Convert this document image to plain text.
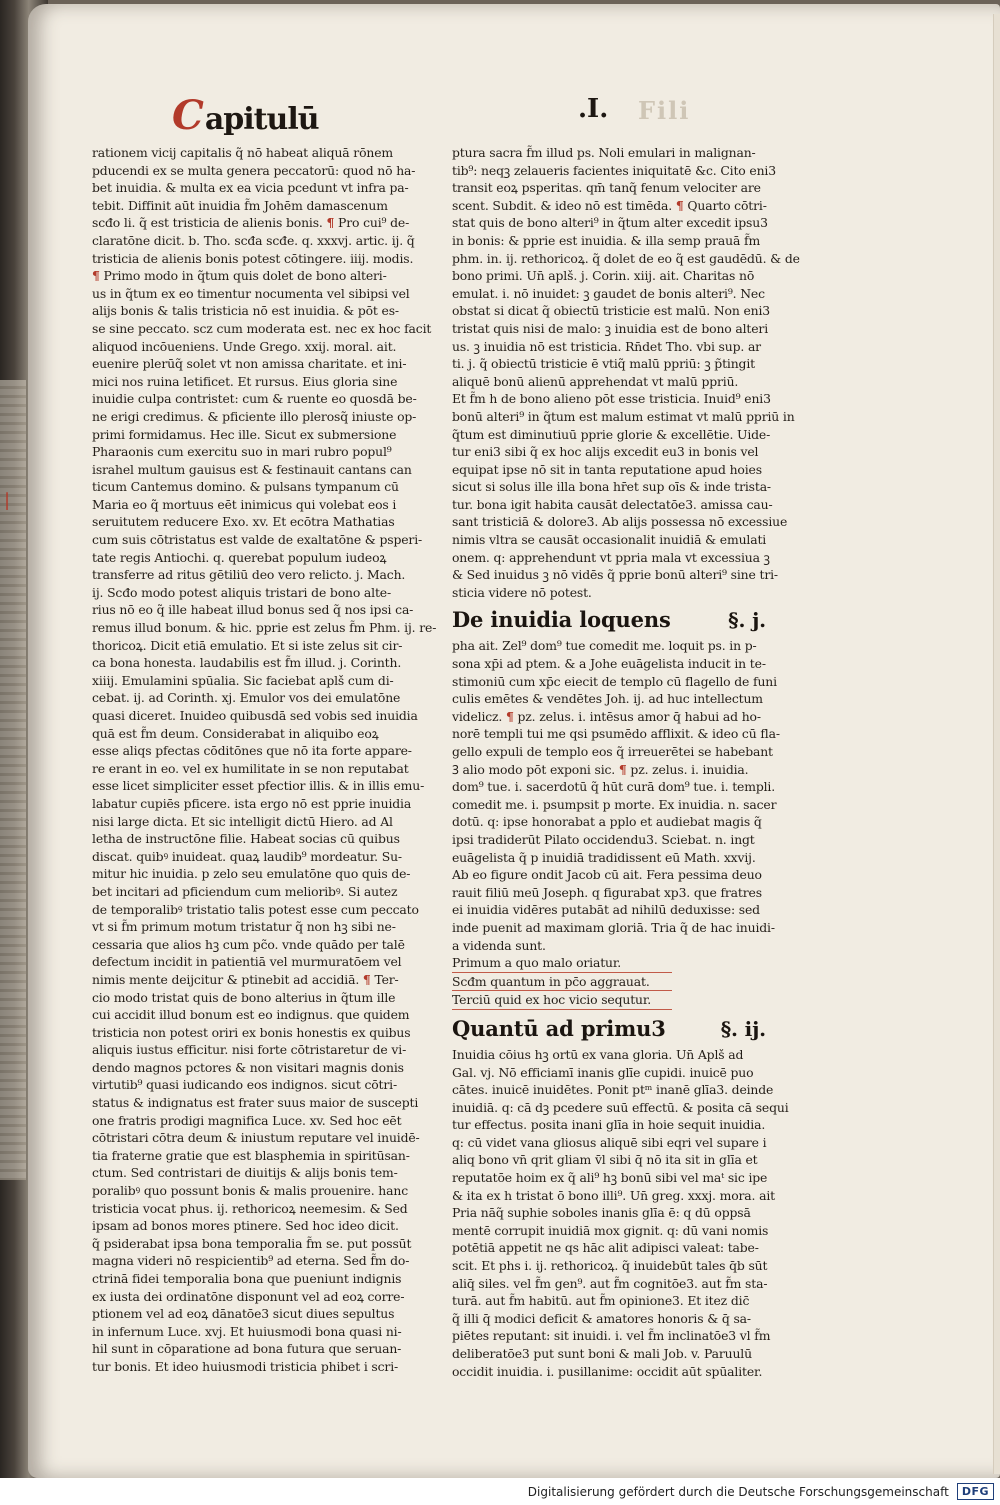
Capitulū	.I. Fili
rationem vicij capitalis q̃ nō habeat aliquā rōnem
pducendi ex se multa genera peccatorū: quod nō ha-
bet inuidia. & multa ex ea vicia pcedunt vt infra pa-
tebit. Diffinit aūt inuidia f̃m Johēm damascenum
scđo li. q̃ est tristicia de alienis bonis. ¶ Pro cui⁹ de-
claratōne dicit. b. Tho. scđa scđe. q. xxxvj. artic. ij. q̃
tristicia de alienis bonis potest cōtingere. iiij. modis.
¶ Primo modo in q̃tum quis dolet de bono alteri-
us in q̃tum ex eo timentur nocumenta vel sibipsi vel
alijs bonis & talis tristicia nō est inuidia. & pōt es-
se sine peccato. scz cum moderata est. nec ex hoc facit
aliquod incōueniens. Unde Grego. xxij. moral. ait.
euenire plerūq̃ solet vt non amissa charitate. et ini-
mici nos ruina letificet. Et rursus. Eius gloria sine
inuidie culpa contristet: cum & ruente eo quosdā be-
ne erigi credimus. & pficiente illo plerosq̃ iniuste op-
primi formidamus. Hec ille. Sicut ex submersione
Pharaonis cum exercitu suo in mari rubro popul⁹
israhel multum gauisus est & festinauit cantans can
ticum Cantemus domino. & pulsans tympanum cū
Maria eo q̃ mortuus eēt inimicus qui volebat eos i
seruitutem reducere Exo. xv. Et ecōtra Mathatias
cum suis cōtristatus est valde de exaltatōne & psperi-
tate regis Antiochi. q. querebat populum iudeoꝝ
transferre ad ritus gētiliū deo vero relicto. j. Mach.
ij. Scđo modo potest aliquis tristari de bono alte-
rius nō eo q̃ ille habeat illud bonus sed q̃ nos ipsi ca-
remus illud bonum. & hic. pprie est zelus f̃m Phm. ij. re-
thoricoꝝ. Dicit etiā emulatio. Et si iste zelus sit cir-
ca bona honesta. laudabilis est f̃m illud. j. Corinth.
xiiij. Emulamini spūalia. Sic faciebat aplš cum di-
cebat. ij. ad Corinth. xj. Emulor vos dei emulatōne
quasi diceret. Inuideo quibusdā sed vobis sed inuidia
quā est f̃m deum. Considerabat in aliquibo eoꝝ
esse aliqs pfectas cōditōnes que nō ita forte appare-
re erant in eo. vel ex humilitate in se non reputabat
esse licet simpliciter esset pfectior illis. & in illis emu-
labatur cupiēs pficere. ista ergo nō est pprie inuidia
nisi large dicta. Et sic intelligit dictū Hiero. ad Al
letha de instructōne filie. Habeat socias cū quibus
discat. quibꝰ inuideat. quaꝝ laudib⁹ mordeatur. Su-
mitur hic inuidia. p zelo seu emulatōne quo quis de-
bet incitari ad pficiendum cum melioribꝰ. Si autez
de temporalibꝰ tristatio talis potest esse cum peccato
vt si f̃m primum motum tristatur q̃ non hꝫ sibi ne-
cessaria que alios hꝫ cum pc̃o. vnde quādo per talē
defectum incidit in patientiā vel murmuratōem vel
nimis mente deijcitur & ptinebit ad accidiā. ¶ Ter-
cio modo tristat quis de bono alterius in q̃tum ille
cui accidit illud bonum est eo indignus. que quidem
tristicia non potest oriri ex bonis honestis ex quibus
aliquis iustus efficitur. nisi forte cōtristaretur de vi-
dendo magnos pctores & non visitari magnis donis
virtutib⁹ quasi iudicando eos indignos. sicut cōtri-
status & indignatus est frater suus maior de suscepti
one fratris prodigi magnifica Luce. xv. Sed hoc eēt
cōtristari cōtra deum & iniustum reputare vel inuidē-
tia fraterne gratie que est blasphemia in spiritūsan-
ctum. Sed contristari de diuitijs & alijs bonis tem-
poralibꝰ quo possunt bonis & malis prouenire. hanc
tristicia vocat phus. ij. rethoricoꝝ neemesim. & Sed
ipsam ad bonos mores ptinere. Sed hoc ideo dicit.
q̃ psiderabat ipsa bona temporalia f̃m se. put possūt
magna videri nō respicientib⁹ ad eterna. Sed f̃m do-
ctrinā fidei temporalia bona que pueniunt indignis
ex iusta dei ordinatōne disponunt vel ad eoꝝ corre-
ptionem vel ad eoꝝ dānatōe3 sicut diues sepultus
in infernum Luce. xvj. Et huiusmodi bona quasi ni-
hil sunt in cōparatione ad bona futura que seruan-
tur bonis. Et ideo huiusmodi tristicia phibet i scri-
ptura sacra f̃m illud ps. Noli emulari in malignan-
tib⁹: neqꝫ zelaueris facientes iniquitatē &c. Cito eni3
transit eoꝝ psperitas. qm̄ tanq̃ fenum velociter are
scent. Subdit. & ideo nō est timēda. ¶ Quarto cōtri-
stat quis de bono alteri⁹ in q̃tum alter excedit ipsu3
in bonis: & pprie est inuidia. & illa semp prauā f̃m
phm. in. ij. rethoricoꝝ. q̃ dolet de eo q̃ est gaudēdū. & de
bono primi. Un̄ aplš. j. Corin. xiij. ait. Charitas nō
emulat. i. nō inuidet: ꝫ gaudet de bonis alteri⁹. Nec
obstat si dicat q̃ obiectū tristicie est malū. Non eni3
tristat quis nisi de malo: ꝫ inuidia est de bono alteri
us. ꝫ inuidia nō est tristicia. Rn̄det Tho. vbi sup. ar
ti. j. q̃ obiectū tristicie ē vtiq̃ malū ppriū: ꝫ p̃tingit
aliquē bonū alienū apprehendat vt malū ppriū.
Et f̃m h de bono alieno pōt esse tristicia. Inuid⁹ eni3
bonū alteri⁹ in q̃tum est malum estimat vt malū ppriū in
q̃tum est diminutiuū pprie glorie & excellētie. Uide-
tur eni3 sibi q̃ ex hoc alijs excedit eu3 in bonis vel
equipat ipse nō sit in tanta reputatione apud hoies
sicut si solus ille illa bona hr̄et sup oīs & inde trista-
tur. bona igit habita causāt delectatōe3. amissa cau-
sant tristiciā & dolore3. Ab alijs possessa nō excessiue
nimis vltra se causāt occasionalit inuidiā & emulati
onem. q: apprehendunt vt ppria mala vt excessiua ꝫ
& Sed inuidus ꝫ nō vidēs q̃ pprie bonū alteri⁹ sine tri-
sticia videre nō potest.
De inuidia loquens	§. j.
pha ait. Zel⁹ dom⁹ tue comedit me. loquit ps. in p-
sona xp̄i ad ptem. & a Johe euāgelista inducit in te-
stimoniū cum xp̄c eiecit de templo cū flagello de funi
culis emētes & vendētes Joh. ij. ad huc intellectum
videlicz. ¶ pz. zelus. i. intēsus amor q̄ habui ad ho-
norē templi tui me qsi psumēdo afflixit. & ideo cū fla-
gello expuli de templo eos q̃ irreuerētei se habebant
Ꝫ alio modo pōt exponi sic. ¶ pz. zelus. i. inuidia.
dom⁹ tue. i. sacerdotū q̃ hūt curā dom⁹ tue. i. templi.
comedit me. i. psumpsit p morte. Ex inuidia. n. sacer
dotū. q: ipse honorabat a pplo et audiebat magis q̃
ipsi tradiderūt Pilato occidendu3. Sciebat. n. ingt
euāgelista q̃ p inuidiā tradidissent eū Math. xxvij.
Ab eo figure ondit Jacob cū ait. Fera pessima deuo
rauit filiū meū Joseph. q figurabat xp3. que fratres
ei inuidia vidēres putabāt ad nihilū deduxisse: sed
inde puenit ad maximam gloriā. Tria q̃ de hac inuidi-
a videnda sunt.
Primum a quo malo oriatur.
Scđm quantum in pc̄o aggrauat.
Terciū quid ex hoc vicio sequtur.
Quantū ad primu3	§. ij.
Inuidia cōius hꝫ ortū ex vana gloria. Un̄ Aplš ad
Gal. vj. Nō efficiamī inanis glīe cupidi. inuicē puo
cātes. inuicē inuidētes. Ponit ptᵐ inanē glīa3. deinde
inuidiā. q: cā dꝫ pcedere suū effectū. & posita cā sequi
tur effectus. posita inani glīa in hoie sequit inuidia.
q: cū videt vana gliosus aliquē sibi eqri vel supare i
aliq bono vn̄ qrit gliam v̄l sibi q̄ nō ita sit in glīa et
reputatōe hoim ex q̃ ali⁹ hꝫ bonū sibi vel maᵗ sic ipe
& ita ex h tristat ō bono illi⁹. Un̄ greg. xxxj. mora. ait
Pria nāq̃ suphie soboles inanis glīa ē: q dū oppsā
mentē corrupit inuidiā mox gignit. q: dū vani nomis
potētiā appetit ne qs hāc alit adipisci valeat: tabe-
scit. Et phs i. ij. rethoricoꝝ. q̃ inuidebūt tales q̄b sūt
aliq̄ siles. vel f̃m gen⁹. aut f̃m cognitōe3. aut f̃m sta-
turā. aut f̃m habitū. aut f̃m opinione3. Et itez dic̄
q̃ illi q̄ modici deficit & amatores honoris & q̄ sa-
piētes reputant: sit inuidi. i. vel f̃m inclinatōe3 vl f̃m
deliberatōe3 put sunt boni & mali Job. v. Paruulū
occidit inuidia. i. pusillanime: occidit aūt spūaliter.
|
Digitalisierung gefördert durch die Deutsche Forschungsgemeinschaft	DFG
